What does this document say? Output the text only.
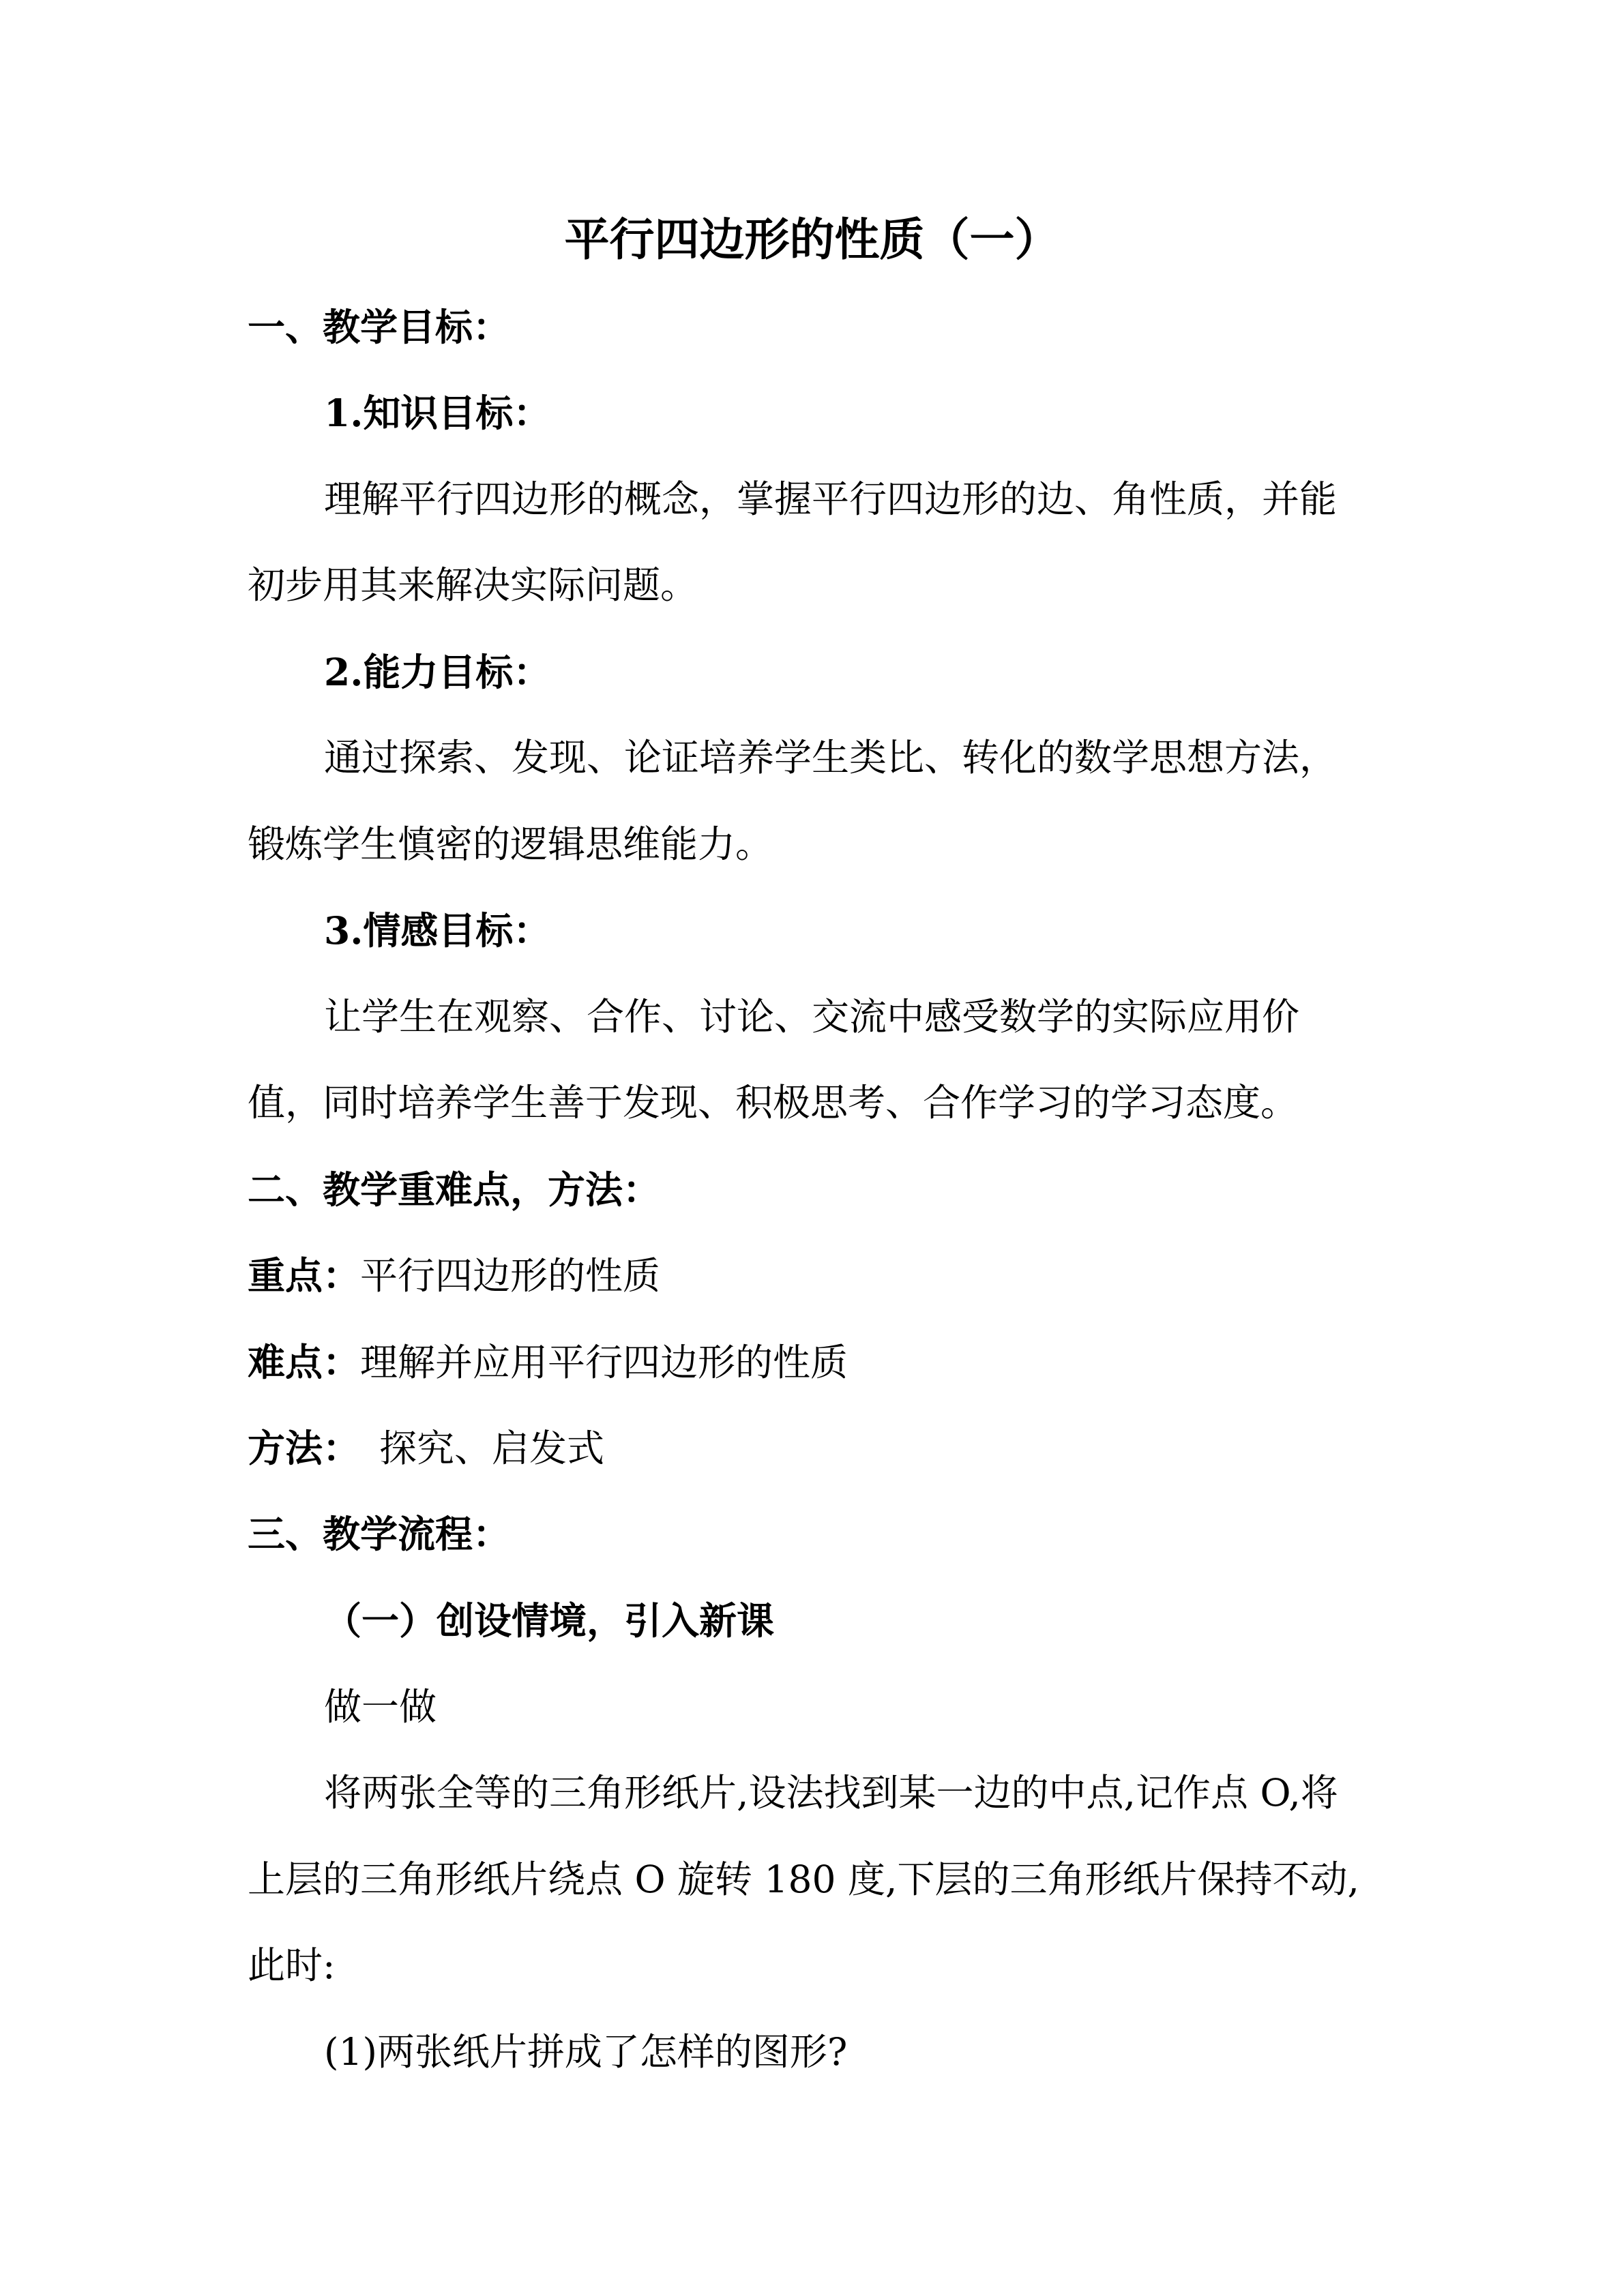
平行四边形的性质（一）
一、教学目标：
1.知识目标：
理解平行四边形的概念，掌握平行四边形的边、角性质，并能
初步用其来解决实际问题。
2.能力目标：
通过探索、发现、论证培养学生类比、转化的数学思想方法，
锻炼学生慎密的逻辑思维能力。
3.情感目标：
让学生在观察、合作、讨论、交流中感受数学的实际应用价
值，同时培养学生善于发现、积极思考、合作学习的学习态度。
二、教学重难点，方法：
重点：平行四边形的性质
难点：理解并应用平行四边形的性质
方法： 探究、启发式
三、教学流程：
（一）创设情境，引入新课
做一做
将两张全等的三角形纸片,设法找到某一边的中点,记作点 O,将
上层的三角形纸片绕点 O 旋转 180 度,下层的三角形纸片保持不动,
此时:
(1)两张纸片拼成了怎样的图形?
